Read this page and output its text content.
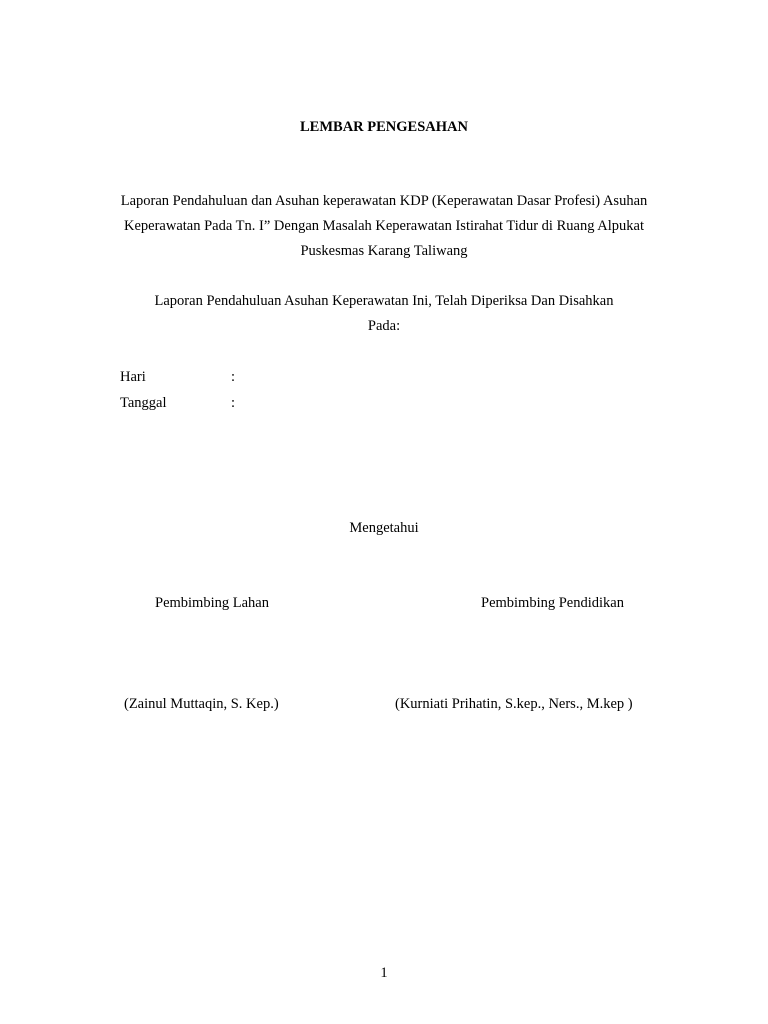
LEMBAR PENGESAHAN
Laporan Pendahuluan dan Asuhan keperawatan KDP (Keperawatan Dasar Profesi) Asuhan
Keperawatan Pada Tn. I” Dengan Masalah Keperawatan Istirahat Tidur di Ruang Alpukat
Puskesmas Karang Taliwang
Laporan Pendahuluan Asuhan Keperawatan Ini, Telah Diperiksa Dan Disahkan
Pada:
Hari	:
Tanggal	:
Mengetahui
Pembimbing Lahan	Pembimbing Pendidikan
(Zainul Muttaqin, S. Kep.)	(Kurniati Prihatin, S.kep., Ners., M.kep )
1
